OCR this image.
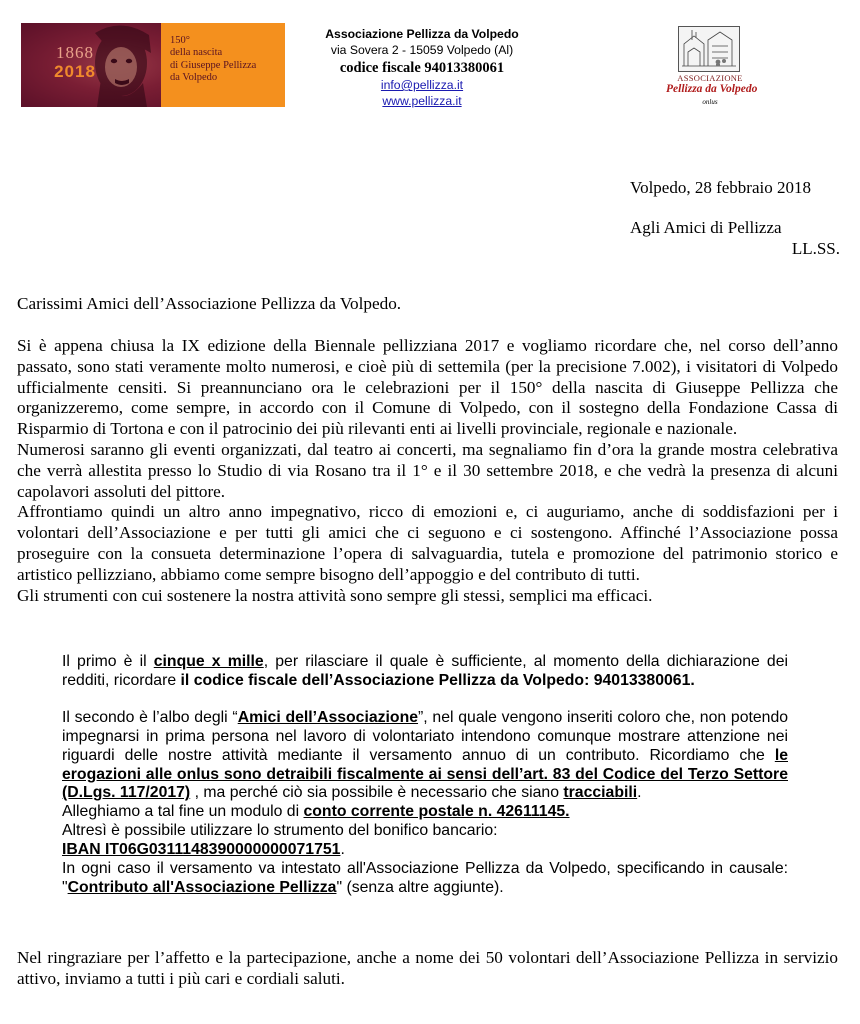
1868
2018
150°
della nascita
di Giuseppe Pellizza
da Volpedo
Associazione Pellizza da Volpedo
via Sovera 2 - 15059 Volpedo (Al)
codice fiscale 94013380061
info@pellizza.it
www.pellizza.it
ASSOCIAZIONE
Pellizza da Volpedo
onlus
Volpedo, 28 febbraio 2018
Agli Amici di Pellizza
LL.SS.
Carissimi Amici dell’Associazione Pellizza da Volpedo.

Si è appena chiusa la IX edizione della Biennale pellizziana 2017 e vogliamo ricordare che, nel corso dell’anno passato, sono stati veramente molto numerosi, e cioè più di settemila (per la precisione 7.002), i visitatori di Volpedo ufficialmente censiti. Si preannunciano ora le celebrazioni per il 150° della nascita di Giuseppe Pellizza che organizzeremo, come sempre, in accordo con il Comune di Volpedo, con il sostegno della Fondazione Cassa di Risparmio di Tortona e con il patrocinio dei più rilevanti enti ai livelli provinciale, regionale e nazionale.

Numerosi saranno gli eventi organizzati, dal teatro ai concerti, ma segnaliamo fin d’ora la grande mostra celebrativa che verrà allestita presso lo Studio di via Rosano tra il 1° e il 30 settembre 2018, e che vedrà la presenza di alcuni capolavori assoluti del pittore.

Affrontiamo quindi un altro anno impegnativo, ricco di emozioni e, ci auguriamo, anche di soddisfazioni per i volontari dell’Associazione e per tutti gli amici che ci seguono e ci sostengono. Affinché l’Associazione possa proseguire con la consueta determinazione l’opera di salvaguardia, tutela e promozione del patrimonio storico e artistico pellizziano, abbiamo come sempre bisogno dell’appoggio e del contributo di tutti.

Gli strumenti con cui sostenere la nostra attività sono sempre gli stessi, semplici ma efficaci.

Il primo è il cinque x mille, per rilasciare il quale è sufficiente, al momento della dichiarazione dei redditi, ricordare il codice fiscale dell’Associazione Pellizza da Volpedo: 94013380061.

Il secondo è l’albo degli “Amici dell’Associazione”, nel quale vengono inseriti coloro che, non potendo impegnarsi in prima persona nel lavoro di volontariato intendono comunque mostrare attenzione nei riguardi delle nostre attività mediante il versamento annuo di un contributo. Ricordiamo che le erogazioni alle onlus sono detraibili fiscalmente ai sensi dell’art. 83 del Codice del Terzo Settore (D.Lgs. 117/2017) , ma perché ciò sia possibile è necessario che siano tracciabili.

Alleghiamo a tal fine un modulo di conto corrente postale n. 42611145.

Altresì è possibile utilizzare lo strumento del bonifico bancario:

IBAN IT06G0311148390000000071751.

In ogni caso il versamento va intestato all'Associazione Pellizza da Volpedo, specificando in causale: "Contributo all'Associazione Pellizza" (senza altre aggiunte).

Nel ringraziare per l’affetto e la partecipazione, anche a nome dei 50 volontari dell’Associazione Pellizza in servizio attivo, inviamo a tutti i più cari e cordiali saluti.
